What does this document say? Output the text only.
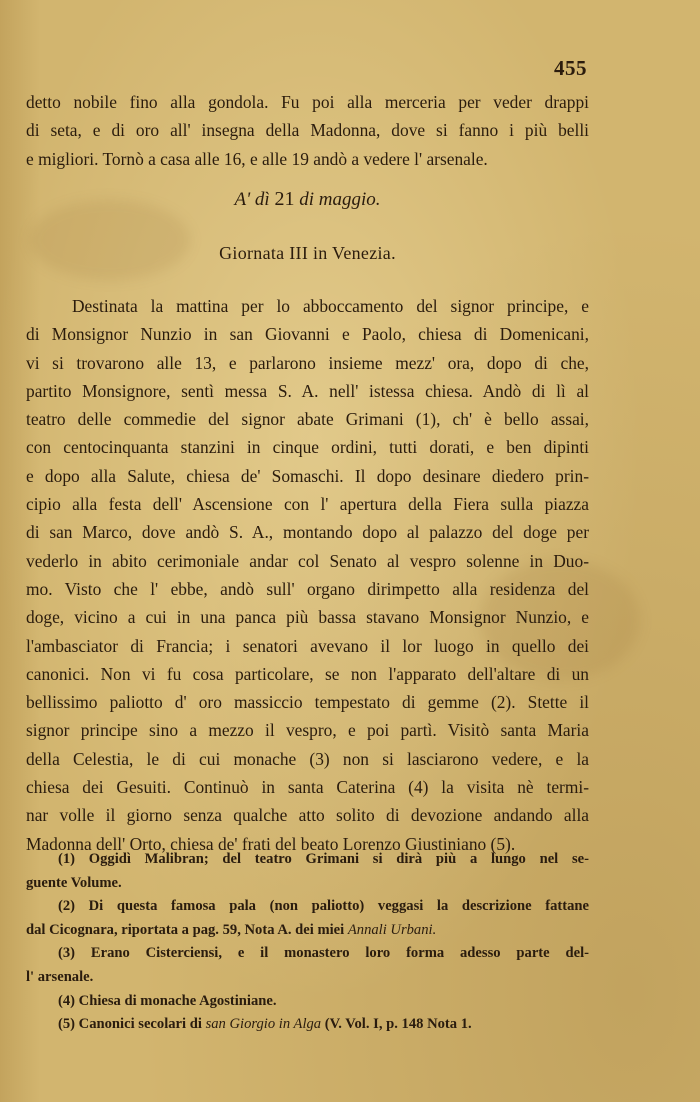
455
detto nobile fino alla gondola. Fu poi alla merceria per veder drappi
di seta, e di oro all' insegna della Madonna, dove si fanno i più belli
e migliori. Tornò a casa alle 16, e alle 19 andò a vedere l' arsenale.
A' dì 21 di maggio.
Giornata III in Venezia.
Destinata la mattina per lo abboccamento del signor principe, e
di Monsignor Nunzio in san Giovanni e Paolo, chiesa di Domenicani,
vi si trovarono alle 13, e parlarono insieme mezz' ora, dopo di che,
partito Monsignore, sentì messa S. A. nell' istessa chiesa. Andò di lì al
teatro delle commedie del signor abate Grimani (1), ch' è bello assai,
con centocinquanta stanzini in cinque ordini, tutti dorati, e ben dipinti
e dopo alla Salute, chiesa de' Somaschi. Il dopo desinare diedero prin-
cipio alla festa dell' Ascensione con l' apertura della Fiera sulla piazza
di san Marco, dove andò S. A., montando dopo al palazzo del doge per
vederlo in abito cerimoniale andar col Senato al vespro solenne in Duo-
mo. Visto che l' ebbe, andò sull' organo dirimpetto alla residenza del
doge, vicino a cui in una panca più bassa stavano Monsignor Nunzio, e
l'ambasciator di Francia; i senatori avevano il lor luogo in quello dei
canonici. Non vi fu cosa particolare, se non l'apparato dell'altare di un
bellissimo paliotto d' oro massiccio tempestato di gemme (2). Stette il
signor principe sino a mezzo il vespro, e poi partì. Visitò santa Maria
della Celestia, le di cui monache (3) non si lasciarono vedere, e la
chiesa dei Gesuiti. Continuò in santa Caterina (4) la visita nè termi-
nar volle il giorno senza qualche atto solito di devozione andando alla
Madonna dell' Orto, chiesa de' frati del beato Lorenzo Giustiniano (5).
(1) Oggidì Malibran; del teatro Grimani si dirà più a lungo nel se-
guente Volume.
(2) Di questa famosa pala (non paliotto) veggasi la descrizione fattane
dal Cicognara, riportata a pag. 59, Nota A. dei miei Annali Urbani.
(3) Erano Cisterciensi, e il monastero loro forma adesso parte del-
l' arsenale.
(4) Chiesa di monache Agostiniane.
(5) Canonici secolari di san Giorgio in Alga (V. Vol. I, p. 148 Nota 1.
